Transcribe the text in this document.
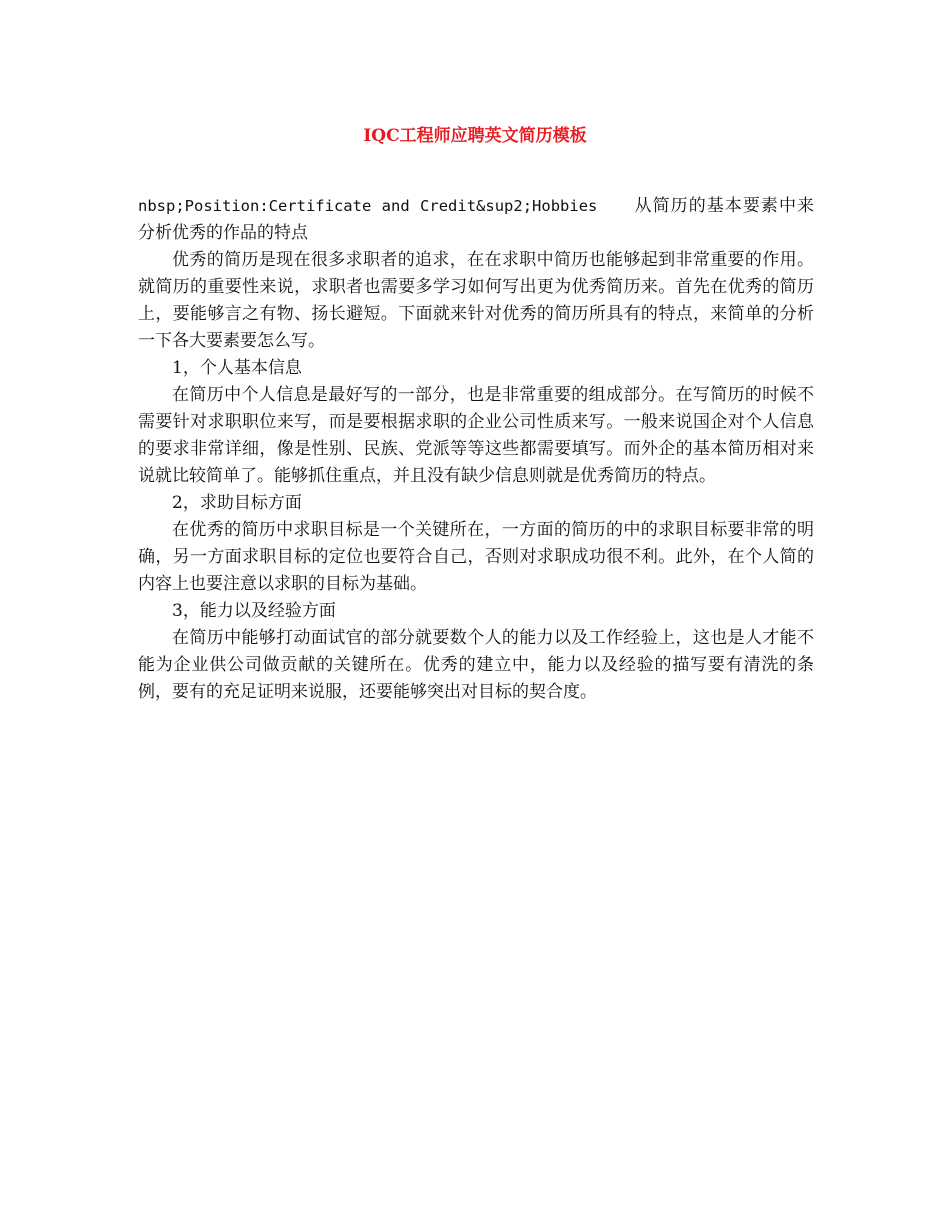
IQC工程师应聘英文简历模板

nbsp;Position:Certificate and Credit&sup2;Hobbies　　从简历的基本要素中来分析优秀的作品的特点

优秀的简历是现在很多求职者的追求，在在求职中简历也能够起到非常重要的作用。就简历的重要性来说，求职者也需要多学习如何写出更为优秀简历来。首先在优秀的简历上，要能够言之有物、扬长避短。下面就来针对优秀的简历所具有的特点，来简单的分析一下各大要素要怎么写。

1，个人基本信息

在简历中个人信息是最好写的一部分，也是非常重要的组成部分。在写简历的时候不需要针对求职职位来写，而是要根据求职的企业公司性质来写。一般来说国企对个人信息的要求非常详细，像是性别、民族、党派等等这些都需要填写。而外企的基本简历相对来说就比较简单了。能够抓住重点，并且没有缺少信息则就是优秀简历的特点。

2，求助目标方面

在优秀的简历中求职目标是一个关键所在，一方面的简历的中的求职目标要非常的明确，另一方面求职目标的定位也要符合自己，否则对求职成功很不利。此外，在个人简的内容上也要注意以求职的目标为基础。

3，能力以及经验方面

在简历中能够打动面试官的部分就要数个人的能力以及工作经验上，这也是人才能不能为企业供公司做贡献的关键所在。优秀的建立中，能力以及经验的描写要有清洗的条例，要有的充足证明来说服，还要能够突出对目标的契合度。
